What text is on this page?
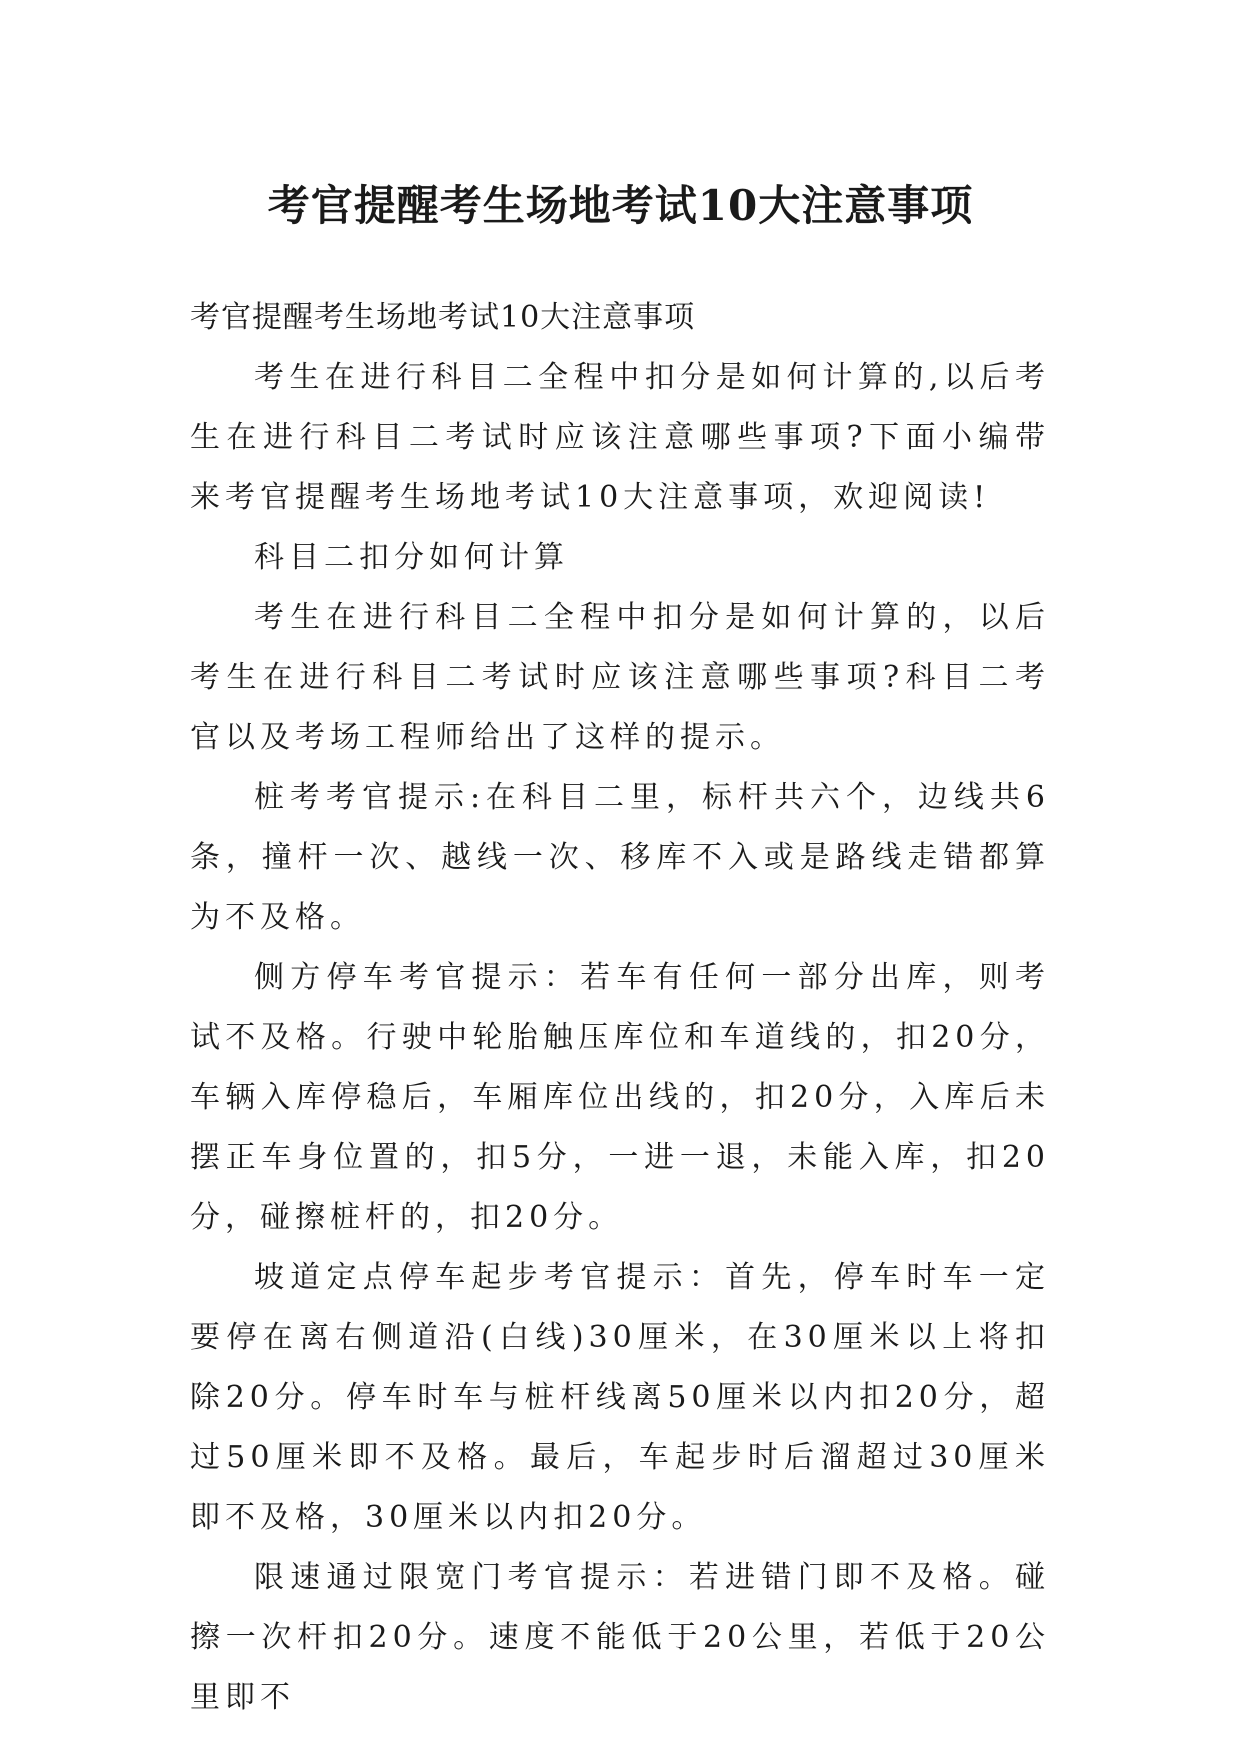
考官提醒考生场地考试10大注意事项

考官提醒考生场地考试10大注意事项

考生在进行科目二全程中扣分是如何计算的,以后考生在进行科目二考试时应该注意哪些事项?下面小编带来考官提醒考生场地考试10大注意事项，欢迎阅读!

科目二扣分如何计算

考生在进行科目二全程中扣分是如何计算的，以后考生在进行科目二考试时应该注意哪些事项?科目二考官以及考场工程师给出了这样的提示。

桩考考官提示:在科目二里，标杆共六个，边线共6条，撞杆一次、越线一次、移库不入或是路线走错都算为不及格。

侧方停车考官提示：若车有任何一部分出库，则考试不及格。行驶中轮胎触压库位和车道线的，扣20分，车辆入库停稳后，车厢库位出线的，扣20分，入库后未摆正车身位置的，扣5分，一进一退，未能入库，扣20分，碰擦桩杆的，扣20分。

坡道定点停车起步考官提示：首先，停车时车一定要停在离右侧道沿(白线)30厘米，在30厘米以上将扣除20分。停车时车与桩杆线离50厘米以内扣20分，超过50厘米即不及格。最后，车起步时后溜超过30厘米即不及格，30厘米以内扣20分。

限速通过限宽门考官提示：若进错门即不及格。碰擦一次杆扣20分。速度不能低于20公里，若低于20公里即不
